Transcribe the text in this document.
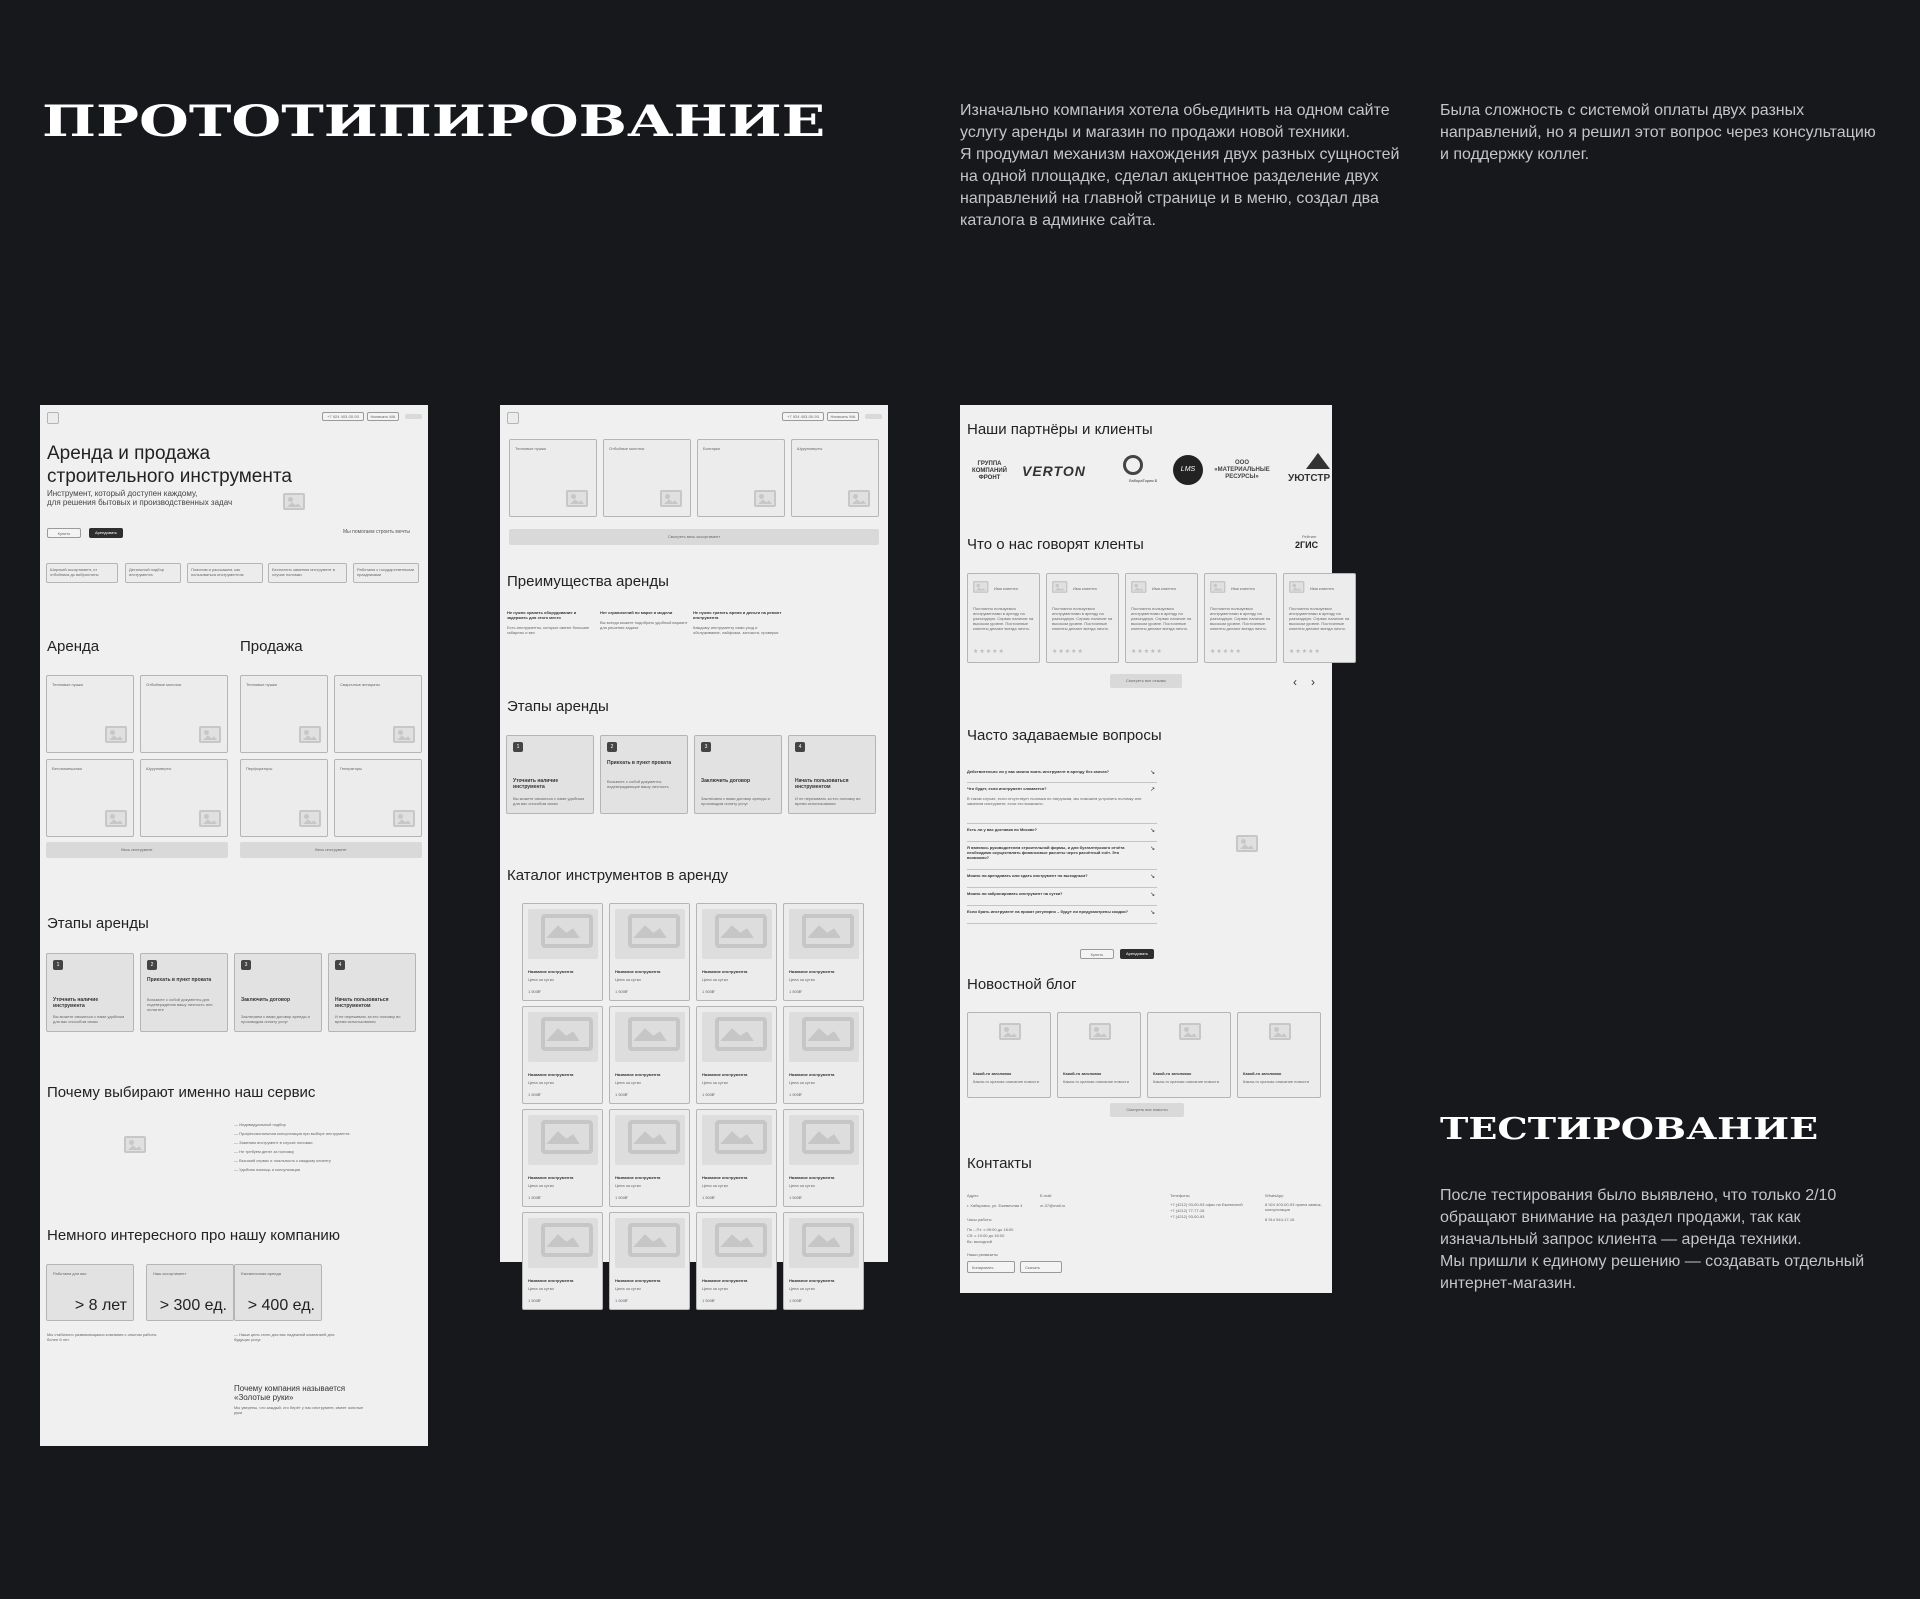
ПРОТОТИПИРОВАНИЕ	Изначально компания хотела обьединить на одном сайте
услугу аренды и магазин по продажи новой техники.
Я продумал механизм нахождения двух разных сущностей
на одной площадке, сделал акцентное разделение двух
направлений на главной странице и в меню, создал два
каталога в админке сайта.
Была сложность с системой оплаты двух разных
направлений, но я решил этот вопрос через консультацию
и поддержку коллег.
ТЕСТИРОВАНИЕ
После тестирования было выявлено, что только 2/10
обращают внимание на раздел продажи, так как
изначальный запрос клиента — аренда техники.
Мы пришли к единому решению — создавать отдельный
интернет-магазин.
+7 924 403-00-93	Написать WA
Аренда и продажа
строительного инструмента
Инструмент, который доступен каждому,
для решения бытовых и производственных задач
Купить	Арендовать	Мы помогаем строить мечты
Широкий ассортимент, от отбойника до виброплиты
Детальный подбор инструмента
Поясним и расскажем, как пользоваться инструментом
Бесплатно заменим инструмент в случае поломки
Работаем с государственными праздниками
Аренда	Продажа
Тепловые пушки	Отбойные молотки
Бетономешалки	Шуруповерты
Тепловые пушки	Сварочные аппараты
Перфораторы	Генераторы
Весь инструмент	Весь инструмент
Этапы аренды
1
Уточнить наличие инструмента
Вы можете связаться с нами удобным для вас способом связи
2
Приехать в пункт проката
Возьмите с собой документы для подтверждения вашу личность или оплатите
3
Заключить договор
Заключаем с вами договор аренды и производим оплату услуг
4
Начать пользоваться инструментом
И не переживать за его поломку во время использования
Почему выбирают именно наш сервис
— Индивидуальный подбор
— Профессиональная консультация при выборе инструмента
— Заменим инструмент в случае поломки
— Не требуем денег за поломку
— Высокий сервис и лояльность к каждому клиенту
— Удобная помощь и консультация
Немного интересного про нашу компанию
Работаем для вас
> 8 лет
Наш ассортимент
> 300 ед.
Ежемесячная аренда
> 400 ед.
Мы стабильно развивающаяся компания с опытом работы более 8 лет.
— Наша цель стать для вас надежной компанией для будущих услуг.
Почему компания называется «Золотые руки»
Мы уверены, что каждый, кто берёт у нас инструмент, имеет золотые руки
+7 924 403-00-93	Написать WA
Тепловые пушки	Отбойные молотки	Болгарки	Шуруповерты
Смотреть весь ассортимент
Преимущества аренды
Не нужно хранить оборудование и задержать для этого место
Есть инструменты, которые имеют большие габариты и вес
Нет ограничений по марке и модели
Вы всегда можете подобрать удобный вариант для решения задачи
Не нужно тратить время и деньги на ремонт инструмента
Каждому инструменту сами уход и обслуживание, лайфхаки, запчасти, проверки
Этапы аренды
1
Уточнить наличие инструмента
Вы можете связаться с нами удобным для вас способом связи
2
Приехать в пункт проката
Возьмите с собой документы подтверждающие вашу личность
3
Заключить договор
Заключаем с вами договор аренды и производим оплату услуг
4
Начать пользоваться инструментом
И не переживать за его поломку во время использования
Каталог инструментов в аренду
Название инструмента
Цена за сутки
1 500₽
Название инструмента
Цена за сутки
1 500₽
Название инструмента
Цена за сутки
1 500₽
Название инструмента
Цена за сутки
1 500₽
Название инструмента
Цена за сутки
1 500₽
Название инструмента
Цена за сутки
1 500₽
Название инструмента
Цена за сутки
1 500₽
Название инструмента
Цена за сутки
1 500₽
Название инструмента
Цена за сутки
1 500₽
Название инструмента
Цена за сутки
1 500₽
Название инструмента
Цена за сутки
1 500₽
Название инструмента
Цена за сутки
1 500₽
Название инструмента
Цена за сутки
1 500₽
Название инструмента
Цена за сутки
1 500₽
Название инструмента
Цена за сутки
1 500₽
Название инструмента
Цена за сутки
1 500₽
Наши партнёры и клиенты
ГРУППА КОМПАНИЙ ФРОНТ	VERTON
ЛабораТория Б
LMS
ООО «МАТЕРИАЛЬНЫЕ РЕСУРСЫ»	УЮТСТР
Что о нас говорят кленты	Рейтинг
2ГИС
Имя клиента
Постоянно пользуемся инструментами в аренду на разъездную. Сервис наличие на высоком уровне. Постоянные клиенты делают всегда лично.
★★★★★
Имя клиента
Постоянно пользуемся инструментами в аренду на разъездную. Сервис наличие на высоком уровне. Постоянные клиенты делают всегда лично.
★★★★★
Имя клиента
Постоянно пользуемся инструментами в аренду на разъездную. Сервис наличие на высоком уровне. Постоянные клиенты делают всегда лично.
★★★★★
Имя клиента
Постоянно пользуемся инструментами в аренду на разъездную. Сервис наличие на высоком уровне. Постоянные клиенты делают всегда лично.
★★★★★
Имя клиента
Постоянно пользуемся инструментами в аренду на разъездную. Сервис наличие на высоком уровне. Постоянные клиенты делают всегда лично.
★★★★★
Смотреть все отзывы	‹ ›
Часто задаваемые вопросы
Действительно ли у вас можно взять инструмент в аренду без залога?	↘
Что будет, если инструмент сломается?	↗
В таком случае, если отсутствует поломка по нагрузкам, мы поможем устранить поломку или заменим инструмент, если это возможно.
Есть ли у вас доставка по Москве?	↘
Я являюсь руководителем строительной фирмы, и для бухгалтерского отчёта необходимо осуществлять финансовые расчеты через расчётный счёт. Это возможно?
↘
Можно ли арендовать или сдать инструмент по выходным?	↘
Можно ли забронировать инструмент на сутки?	↘
Если брать инструмент на прокат регулярно – будут ли предусмотрены скидки?	↘
Купить	Арендовать
Новостной блог
Какой-то заголовок
Какая-то краткая описание новости
Какой-то заголовок
Какая-то краткая описание новости
Какой-то заголовок
Какая-то краткая описание новости
Какой-то заголовок
Какая-то краткая описание новости
Смотреть все новости
Контакты
Адрес
г. Хабаровск, ул. Ежевичная 4
E-mail
zr-37@mail.ru
Телефоны
+7 (4212) 93-00-93 офис на Ежевичной
+7 (4212) 77-77-16
+7 (4212) 93-00-93
WhatsApp
8 924 403-00-93 прием заявок, консультации
8 914 544-17-16
Часы работы
Пн – Пт: с 09:00 до 18:00
Сб: с 10:00 до 16:00
Вс: выходной
Наши реквизиты
Копировать	Скачать
